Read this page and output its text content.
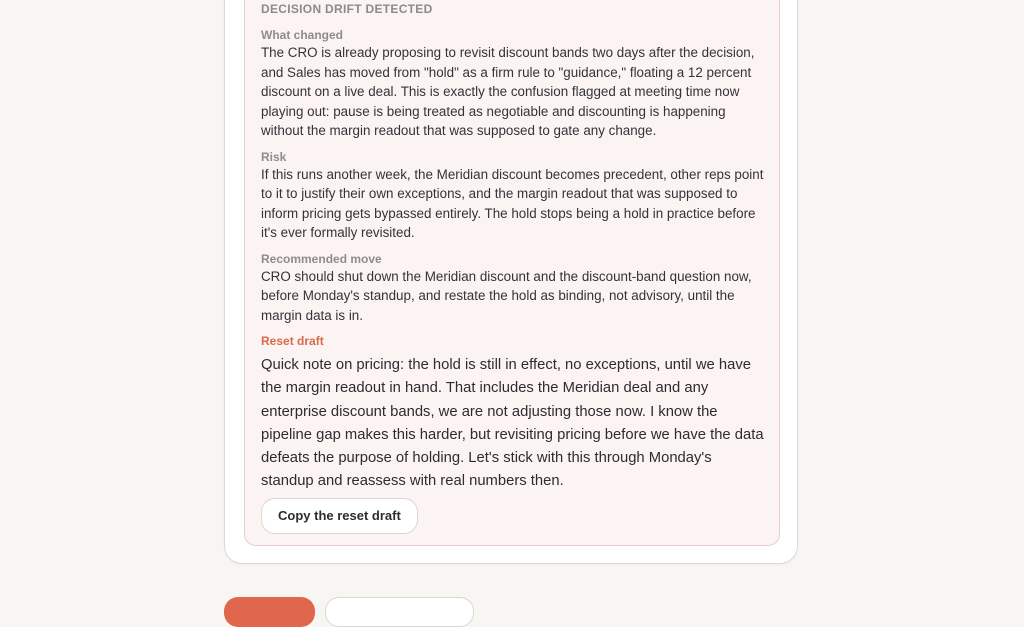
DECISION DRIFT DETECTED
What changed
The CRO is already proposing to revisit discount bands two days after the decision, and Sales has moved from "hold" as a firm rule to "guidance," floating a 12 percent discount on a live deal. This is exactly the confusion flagged at meeting time now playing out: pause is being treated as negotiable and discounting is happening without the margin readout that was supposed to gate any change.
Risk
If this runs another week, the Meridian discount becomes precedent, other reps point to it to justify their own exceptions, and the margin readout that was supposed to inform pricing gets bypassed entirely. The hold stops being a hold in practice before it's ever formally revisited.
Recommended move
CRO should shut down the Meridian discount and the discount-band question now, before Monday's standup, and restate the hold as binding, not advisory, until the margin data is in.
Reset draft
Quick note on pricing: the hold is still in effect, no exceptions, until we have the margin readout in hand. That includes the Meridian deal and any enterprise discount bands, we are not adjusting those now. I know the pipeline gap makes this harder, but revisiting pricing before we have the data defeats the purpose of holding. Let's stick with this through Monday's standup and reassess with real numbers then.
Copy the reset draft
